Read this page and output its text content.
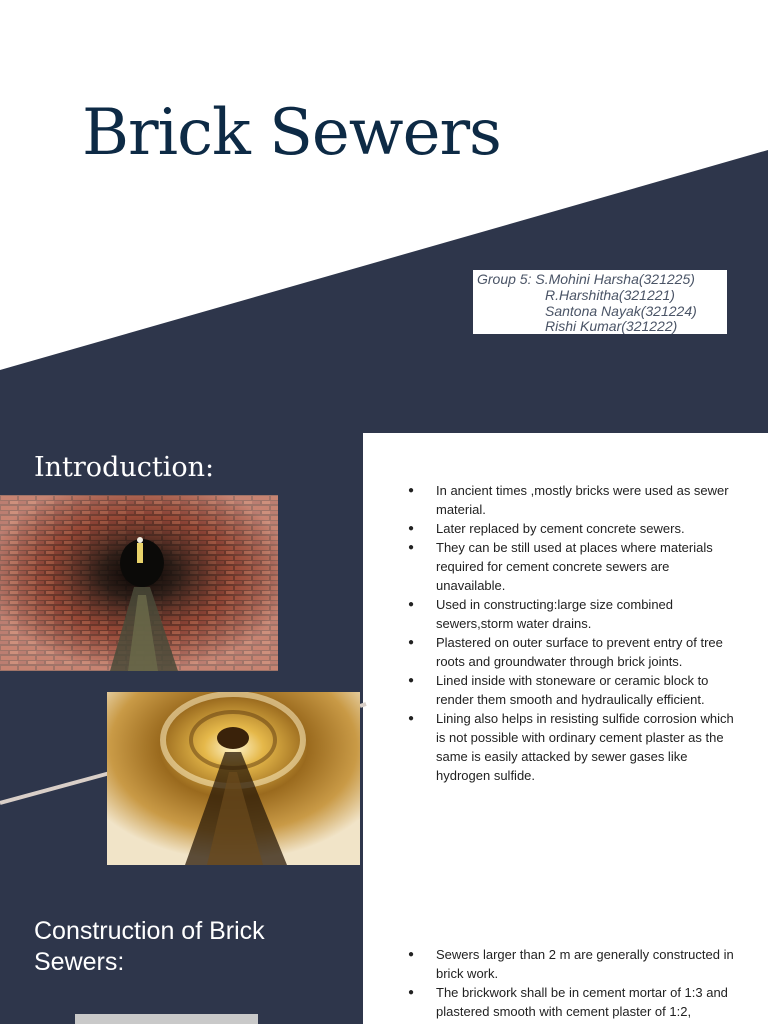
Brick Sewers
Group 5: S.Mohini Harsha(321225)
R.Harshitha(321221)
Santona Nayak(321224)
Rishi Kumar(321222)
Introduction:
● In ancient times ,mostly bricks were used as sewer material.
● Later replaced by cement concrete sewers.
● They can be still used at places where materials required for cement concrete sewers are unavailable.
● Used in constructing:large size combined sewers,storm water drains.
● Plastered on outer surface to prevent entry of tree roots and groundwater through brick joints.
● Lined inside with stoneware or ceramic block to render them smooth and hydraulically efficient.
● Lining also helps in resisting sulfide corrosion which is not possible with ordinary cement plaster as the same is easily attacked by sewer gases like hydrogen sulfide.
Construction of Brick Sewers:
●	Sewers larger than 2 m are generally constructed in brick work.
● The brickwork shall be in cement mortar of 1:3 and plastered smooth with cement plaster of 1:2,
